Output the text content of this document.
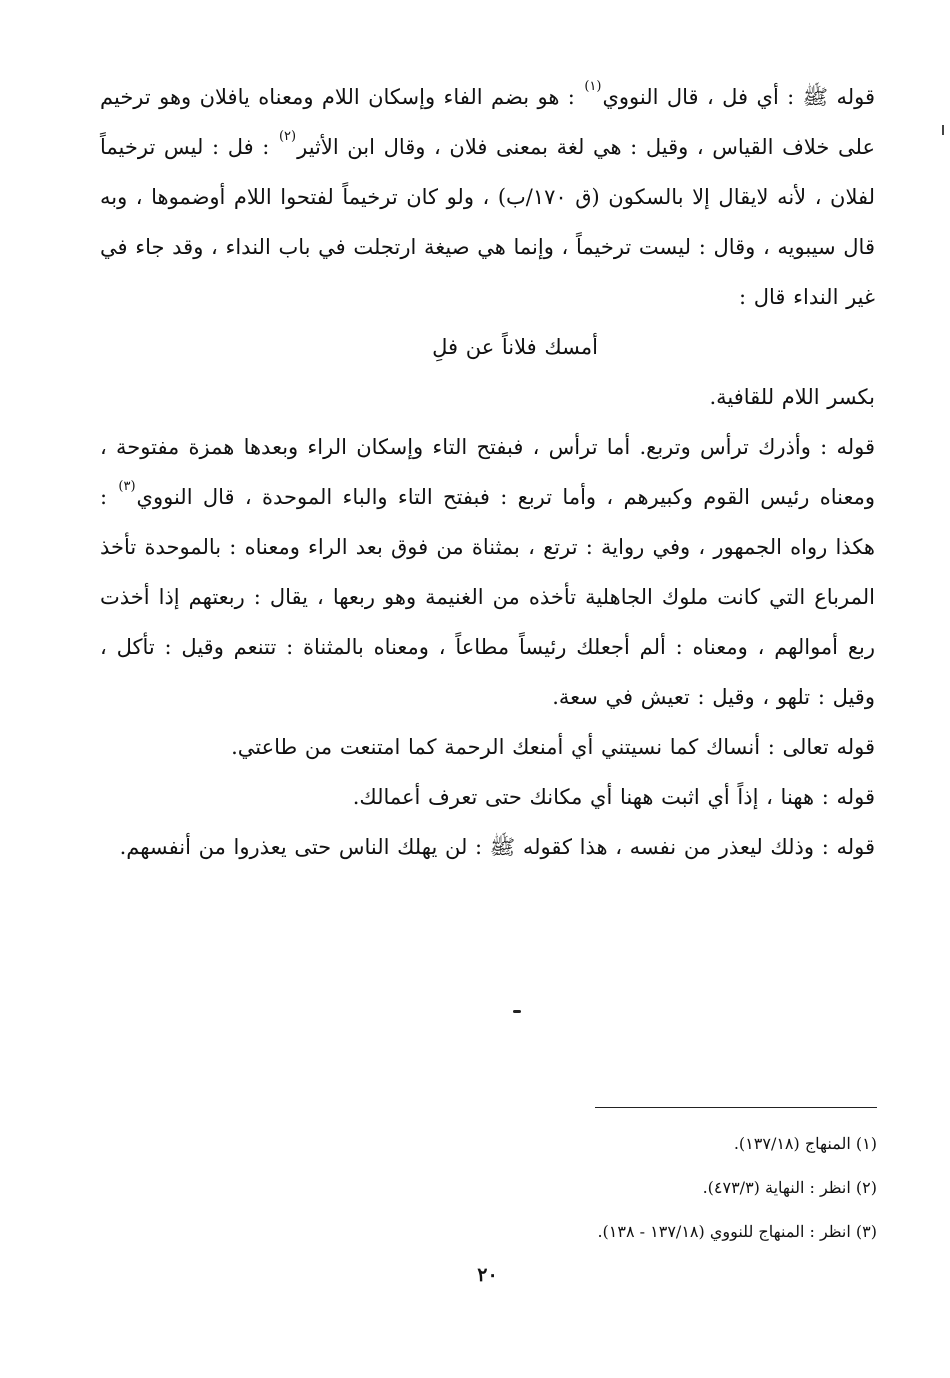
قوله ﷺ : أي فل ، قال النووي$^{(١)}$ : هو بضم الفاء وإسكان اللام ومعناه يافلان وهو ترخيم على خلاف القياس ، وقيل : هي لغة بمعنى فلان ، وقال ابن الأثير$^{(٢)}$ : فل : ليس ترخيماً لفلان ، لأنه لايقال إلا بالسكون (ق ١٧٠/ب) ، ولو كان ترخيماً لفتحوا اللام أوضموها ، وبه قال سيبويه ، وقال : ليست ترخيماً ، وإنما هي صيغة ارتجلت في باب النداء ، وقد جاء في غير النداء قال :

أمسك فلاناً عن فلِ

بكسر اللام للقافية.

قوله : وأذرك ترأس وتربع. أما ترأس ، فبفتح التاء وإسكان الراء وبعدها همزة مفتوحة ، ومعناه رئيس القوم وكبيرهم ، وأما تربع : فبفتح التاء والباء الموحدة ، قال النووي$^{(٣)}$ : هكذا رواه الجمهور ، وفي رواية : ترتع ، بمثناة من فوق بعد الراء ومعناه : بالموحدة تأخذ المرباع التي كانت ملوك الجاهلية تأخذه من الغنيمة وهو ربعها ، يقال : ربعتهم إذا أخذت ربع أموالهم ، ومعناه : ألم أجعلك رئيساً مطاعاً ، ومعناه بالمثناة : تتنعم وقيل : تأكل ، وقيل : تلهو ، وقيل : تعيش في سعة.

قوله تعالى : أنساك كما نسيتني أي أمنعك الرحمة كما امتنعت من طاعتي.

قوله : ههنا ، إذاً أي اثبت ههنا أي مكانك حتى تعرف أعمالك.

قوله : وذلك ليعذر من نفسه ، هذا كقوله ﷺ : لن يهلك الناس حتى يعذروا من أنفسهم.

(١) المنهاج (١٣٧/١٨).
(٢) انظر : النهاية (٤٧٣/٣).
(٣) انظر : المنهاج للنووي (١٣٧/١٨ - ١٣٨).
٢٠
